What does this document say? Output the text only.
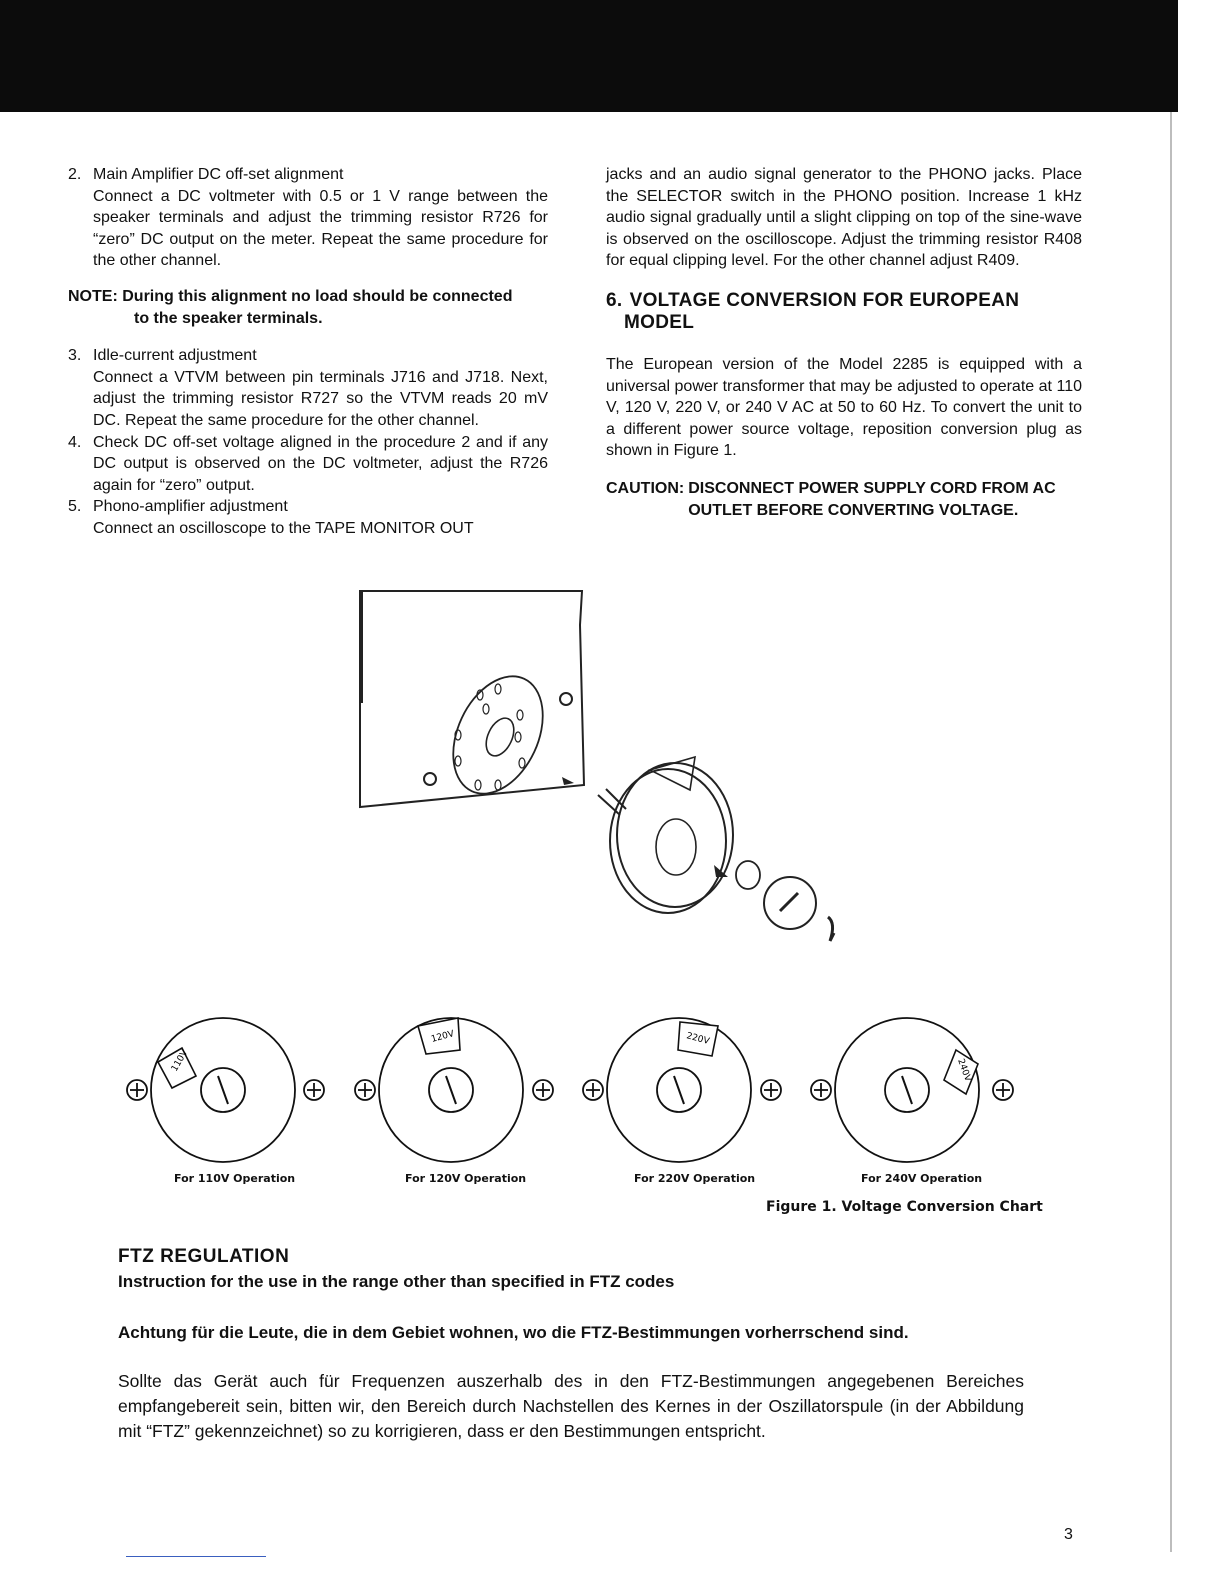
2. Main Amplifier DC off-set alignment
Connect a DC voltmeter with 0.5 or 1 V range between the speaker terminals and adjust the trimming resistor R726 for “zero” DC output on the meter. Repeat the same procedure for the other channel.
NOTE: During this alignment no load should be connected
to the speaker terminals.
3. Idle-current adjustment
Connect a VTVM between pin terminals J716 and J718. Next, adjust the trimming resistor R727 so the VTVM reads 20 mV DC. Repeat the same procedure for the other channel.
4. Check DC off-set voltage aligned in the procedure 2 and if any DC output is observed on the DC voltmeter, adjust the R726 again for “zero” output.
5. Phono-amplifier adjustment
Connect an oscilloscope to the TAPE MONITOR OUT
jacks and an audio signal generator to the PHONO jacks. Place the SELECTOR switch in the PHONO position. Increase 1 kHz audio signal gradually until a slight clipping on top of the sine-wave is observed on the oscilloscope. Adjust the trimming resistor R408 for equal clipping level. For the other channel adjust R409.
6. VOLTAGE CONVERSION FOR EUROPEAN
MODEL
The European version of the Model 2285 is equipped with a universal power transformer that may be adjusted to operate at 110 V, 120 V, 220 V, or 240 V AC at 50 to 60 Hz. To convert the unit to a different power source voltage, reposition conversion plug as shown in Figure 1.
CAUTION: DISCONNECT POWER SUPPLY CORD FROM AC OUTLET BEFORE CONVERTING VOLTAGE.
110V
120V	220V
240V
For 110V Operation	For 120V Operation	For 220V Operation	For 240V Operation
Figure 1. Voltage Conversion Chart

FTZ REGULATION

Instruction for the use in the range other than specified in FTZ codes

Achtung für die Leute, die in dem Gebiet wohnen, wo die FTZ-Bestimmungen vorherrschend sind.

Sollte das Gerät auch für Frequenzen auszerhalb des in den FTZ-Bestimmungen angegebenen Bereiches empfangebereit sein, bitten wir, den Bereich durch Nachstellen des Kernes in der Oszillatorspule (in der Abbildung mit “FTZ” gekennzeichnet) so zu korrigieren, dass er den Bestimmungen entspricht.

3
